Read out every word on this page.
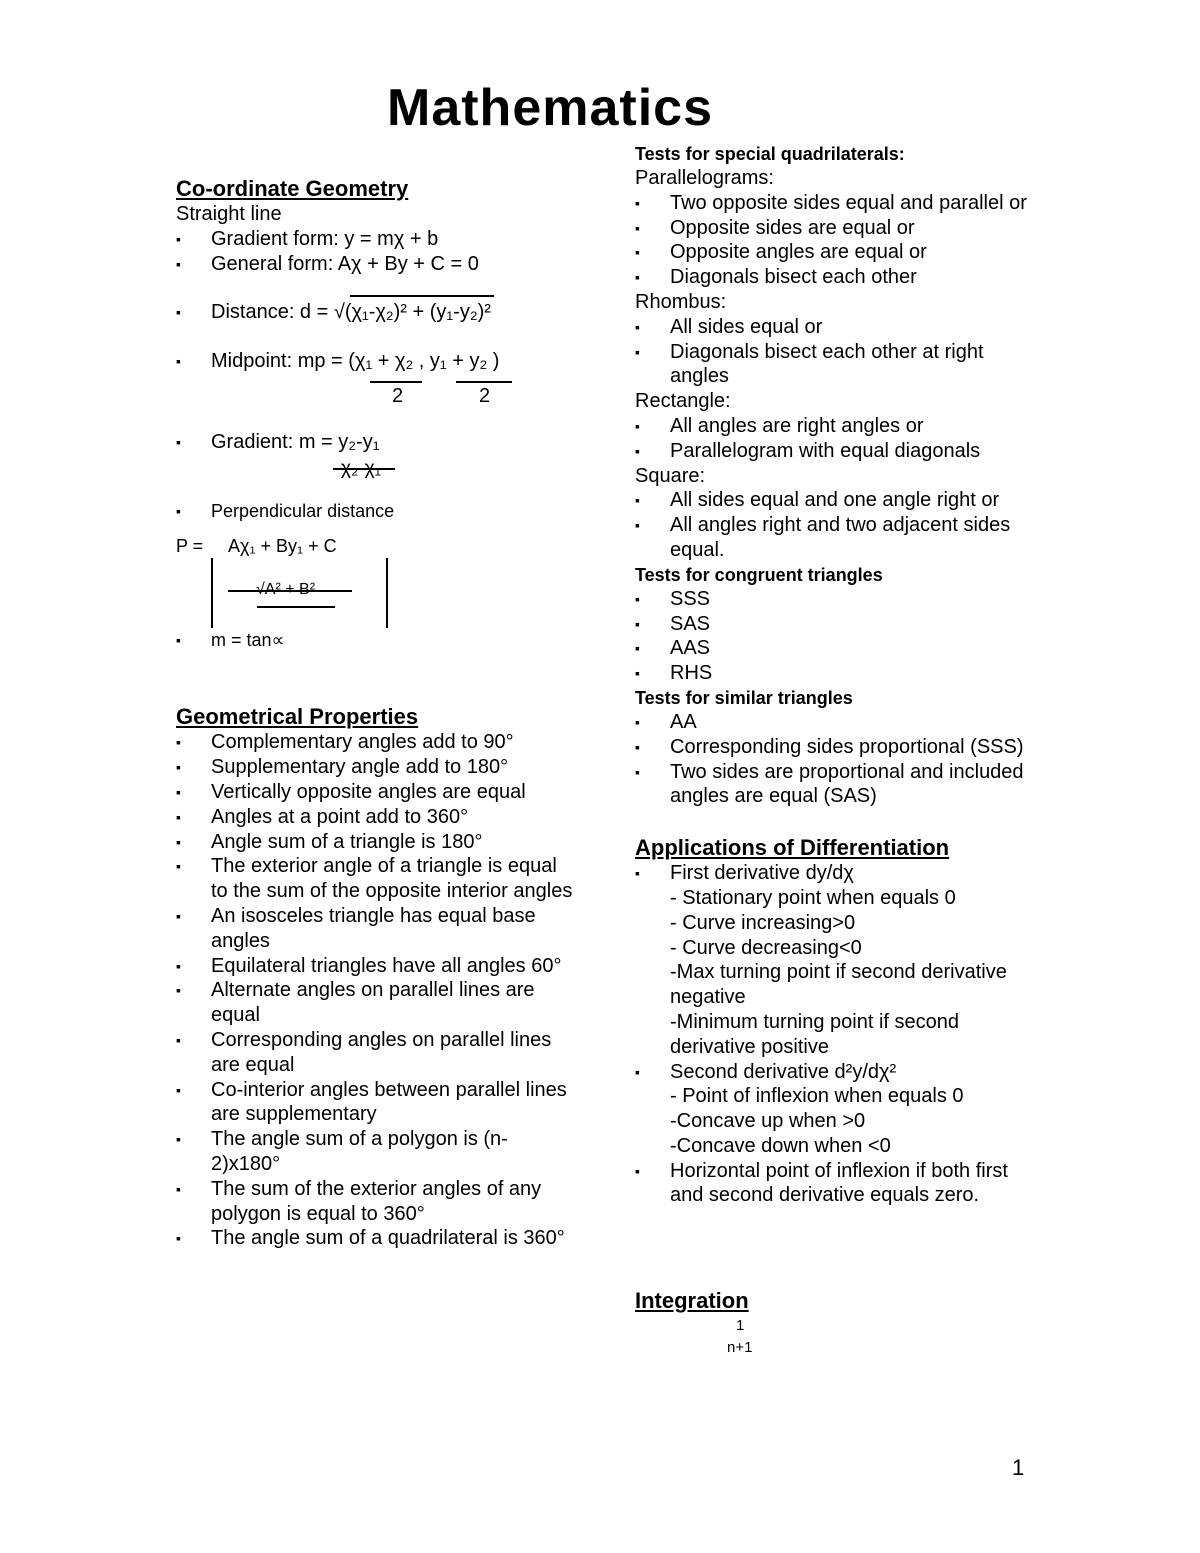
Mathematics
Co-ordinate Geometry
Straight line
▪ Gradient form: y = mχ + b
▪ General form: Aχ + By + C = 0
▪ Distance: d = √(χ₁-χ₂)² + (y₁-y₂)²
▪ Midpoint: mp = (χ₁ + χ₂ , y₁ + y₂ )
2	2
▪ Gradient: m = y₂-y₁
χ₂-χ₁
▪ Perpendicular distance
P = Aχ₁ + By₁ + C
√A² + B²
▪ m = tan∝
Geometrical Properties
▪ Complementary angles add to 90°
▪ Supplementary angle add to 180°
▪ Vertically opposite angles are equal
▪ Angles at a point add to 360°
▪ Angle sum of a triangle is 180°
▪ The exterior angle of a triangle is equal to the sum of the opposite interior angles
▪ An isosceles triangle has equal base angles
▪ Equilateral triangles have all angles 60°
▪ Alternate angles on parallel lines are equal
▪ Corresponding angles on parallel lines are equal
▪ Co-interior angles between parallel lines are supplementary
▪ The angle sum of a polygon is (n-2)x180°
▪ The sum of the exterior angles of any polygon is equal to 360°
▪ The angle sum of a quadrilateral is 360°
Tests for special quadrilaterals:
Parallelograms:
▪ Two opposite sides equal and parallel or
▪ Opposite sides are equal or
▪ Opposite angles are equal or
▪ Diagonals bisect each other
Rhombus:
▪ All sides equal or
▪ Diagonals bisect each other at right angles
Rectangle:
▪ All angles are right angles or
▪ Parallelogram with equal diagonals
Square:
▪ All sides equal and one angle right or
▪ All angles right and two adjacent sides equal.
Tests for congruent triangles
▪ SSS
▪ SAS
▪ AAS
▪ RHS
Tests for similar triangles
▪ AA
▪ Corresponding sides proportional (SSS)
▪ Two sides are proportional and included angles are equal (SAS)
Applications of Differentiation
▪ First derivative dy/dχ
- Stationary point when equals 0
- Curve increasing>0
- Curve decreasing<0
-Max turning point if second derivative negative
-Minimum turning point if second derivative positive
▪ Second derivative d²y/dχ²
- Point of inflexion when equals 0
-Concave up when >0
-Concave down when <0
▪ Horizontal point of inflexion if both first and second derivative equals zero.
Integration
1
n+1
1
